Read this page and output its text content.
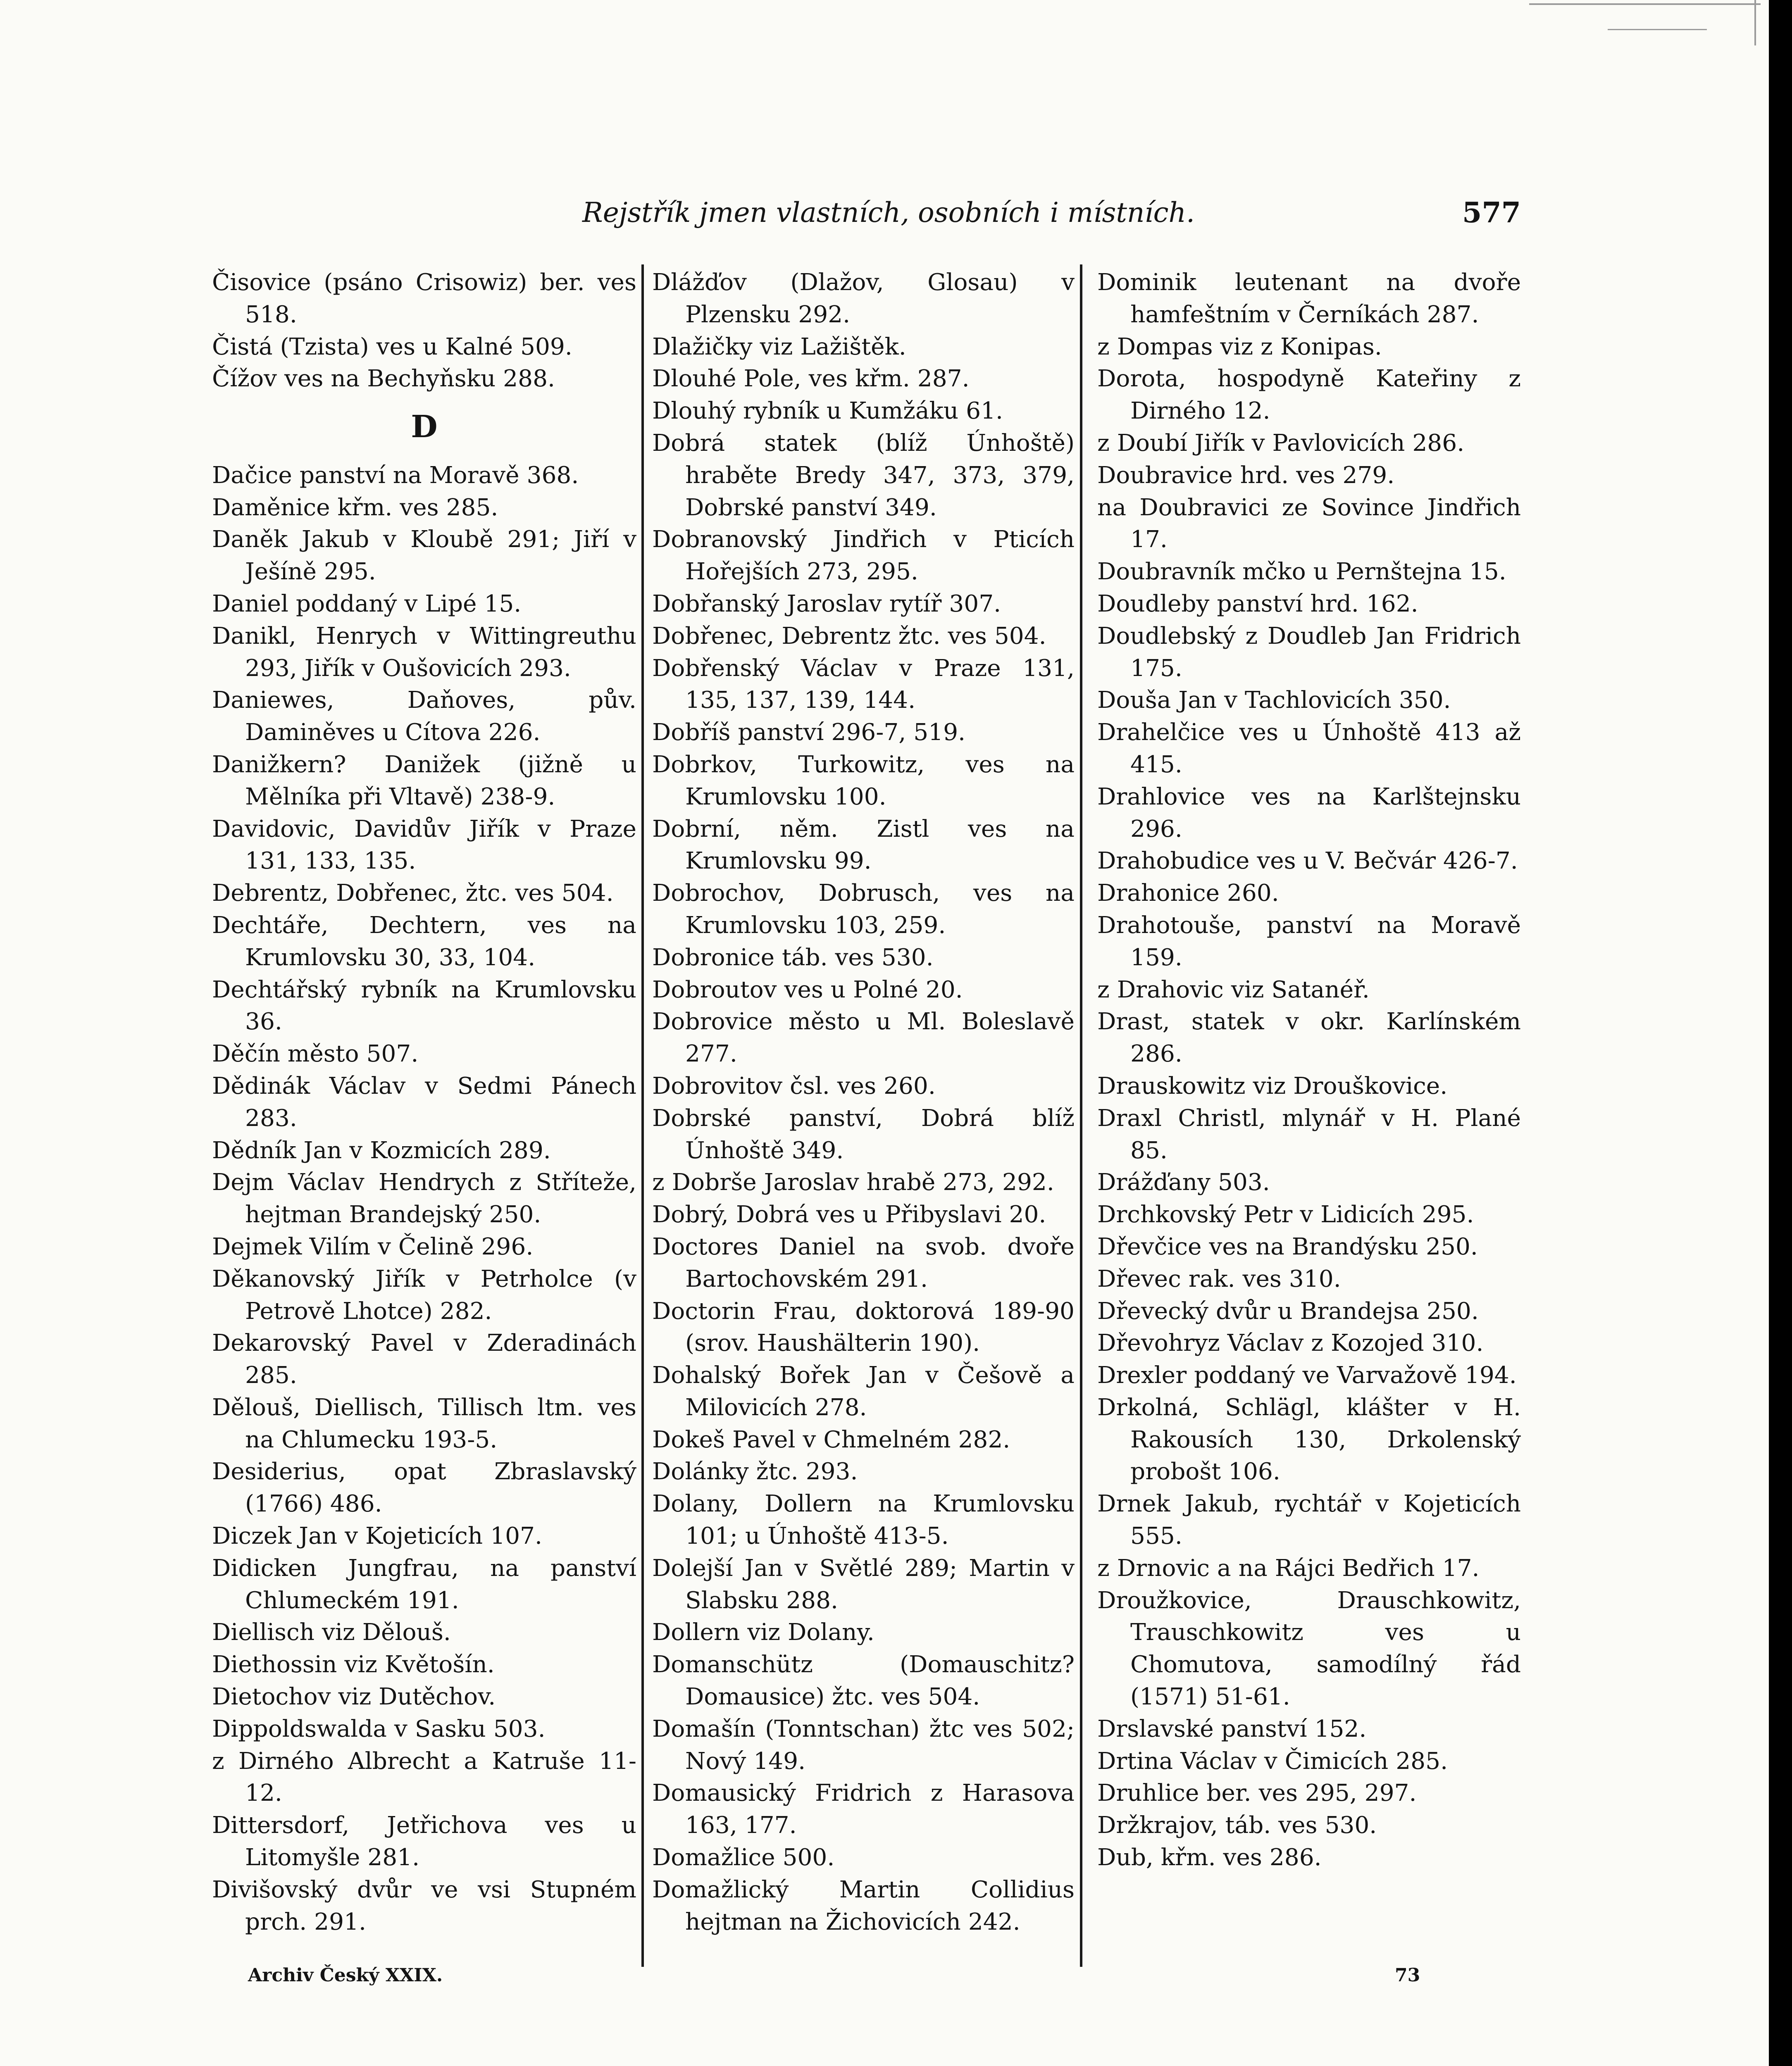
Rejstřík jmen vlastních, osobních i místních.	577
Čisovice (psáno Crisowiz) ber. ves 518.
Čistá (Tzista) ves u Kalné 509.
Čížov ves na Bechyňsku 288.
D
Dačice panství na Moravě 368.
Daměnice křm. ves 285.
Daněk Jakub v Kloubě 291; Jiří v Ješíně 295.
Daniel poddaný v Lipé 15.
Danikl, Henrych v Wittingreuthu 293, Jiřík v Oušovicích 293.
Daniewes, Daňoves, pův. Daminěves u Cítova 226.
Danižkern? Danižek (jižně u Mělníka při Vltavě) 238-9.
Davidovic, Davidův Jiřík v Praze 131, 133, 135.
Debrentz, Dobřenec, žtc. ves 504.
Dechtáře, Dechtern, ves na Krumlovsku 30, 33, 104.
Dechtářský rybník na Krumlovsku 36.
Děčín město 507.
Dědinák Václav v Sedmi Pánech 283.
Dědník Jan v Kozmicích 289.
Dejm Václav Hendrych z Stříteže, hejtman Brandejský 250.
Dejmek Vilím v Čelině 296.
Děkanovský Jiřík v Petrholce (v Petrově Lhotce) 282.
Dekarovský Pavel v Zderadinách 285.
Dělouš, Diellisch, Tillisch ltm. ves na Chlumecku 193-5.
Desiderius, opat Zbraslavský (1766) 486.
Diczek Jan v Kojeticích 107.
Didicken Jungfrau, na panství Chlumeckém 191.
Diellisch viz Dělouš.
Diethossin viz Květošín.
Dietochov viz Dutěchov.
Dippoldswalda v Sasku 503.
z Dirného Albrecht a Katruše 11-12.
Dittersdorf, Jetřichova ves u Litomyšle 281.
Divišovský dvůr ve vsi Stupném prch. 291.
Dlážďov (Dlažov, Glosau) v Plzensku 292.
Dlažičky viz Lažištěk.
Dlouhé Pole, ves křm. 287.
Dlouhý rybník u Kumžáku 61.
Dobrá statek (blíž Únhoště) hraběte Bredy 347, 373, 379, Dobrské panství 349.
Dobranovský Jindřich v Pticích Hořejších 273, 295.
Dobřanský Jaroslav rytíř 307.
Dobřenec, Debrentz žtc. ves 504.
Dobřenský Václav v Praze 131, 135, 137, 139, 144.
Dobříš panství 296-7, 519.
Dobrkov, Turkowitz, ves na Krumlovsku 100.
Dobrní, něm. Zistl ves na Krumlovsku 99.
Dobrochov, Dobrusch, ves na Krumlovsku 103, 259.
Dobronice táb. ves 530.
Dobroutov ves u Polné 20.
Dobrovice město u Ml. Boleslavě 277.
Dobrovitov čsl. ves 260.
Dobrské panství, Dobrá blíž Únhoště 349.
z Dobrše Jaroslav hrabě 273, 292.
Dobrý, Dobrá ves u Přibyslavi 20.
Doctores Daniel na svob. dvoře Bartochovském 291.
Doctorin Frau, doktorová 189-90 (srov. Haushälterin 190).
Dohalský Bořek Jan v Češově a Milovicích 278.
Dokeš Pavel v Chmelném 282.
Dolánky žtc. 293.
Dolany, Dollern na Krumlovsku 101; u Únhoště 413-5.
Dolejší Jan v Světlé 289; Martin v Slabsku 288.
Dollern viz Dolany.
Domanschütz (Domauschitz? Domausice) žtc. ves 504.
Domašín (Tonntschan) žtc ves 502; Nový 149.
Domausický Fridrich z Harasova 163, 177.
Domažlice 500.
Domažlický Martin Collidius hejtman na Žichovicích 242.
Dominik leutenant na dvoře hamfeštním v Černíkách 287.
z Dompas viz z Konipas.
Dorota, hospodyně Kateřiny z Dirného 12.
z Doubí Jiřík v Pavlovicích 286.
Doubravice hrd. ves 279.
na Doubravici ze Sovince Jindřich 17.
Doubravník mčko u Pernštejna 15.
Doudleby panství hrd. 162.
Doudlebský z Doudleb Jan Fridrich 175.
Douša Jan v Tachlovicích 350.
Drahelčice ves u Únhoště 413 až 415.
Drahlovice ves na Karlštejnsku 296.
Drahobudice ves u V. Bečvár 426-7.
Drahonice 260.
Drahotouše, panství na Moravě 159.
z Drahovic viz Satanéř.
Drast, statek v okr. Karlínském 286.
Drauskowitz viz Drouškovice.
Draxl Christl, mlynář v H. Plané 85.
Drážďany 503.
Drchkovský Petr v Lidicích 295.
Dřevčice ves na Brandýsku 250.
Dřevec rak. ves 310.
Dřevecký dvůr u Brandejsa 250.
Dřevohryz Václav z Kozojed 310.
Drexler poddaný ve Varvažově 194.
Drkolná, Schlägl, klášter v H. Rakousích 130, Drkolenský probošt 106.
Drnek Jakub, rychtář v Kojeticích 555.
z Drnovic a na Rájci Bedřich 17.
Droužkovice, Drauschkowitz, Trauschkowitz ves u Chomutova, samodílný řád (1571) 51-61.
Drslavské panství 152.
Drtina Václav v Čimicích 285.
Druhlice ber. ves 295, 297.
Držkrajov, táb. ves 530.
Dub, křm. ves 286.
Archiv Český XXIX.	73
